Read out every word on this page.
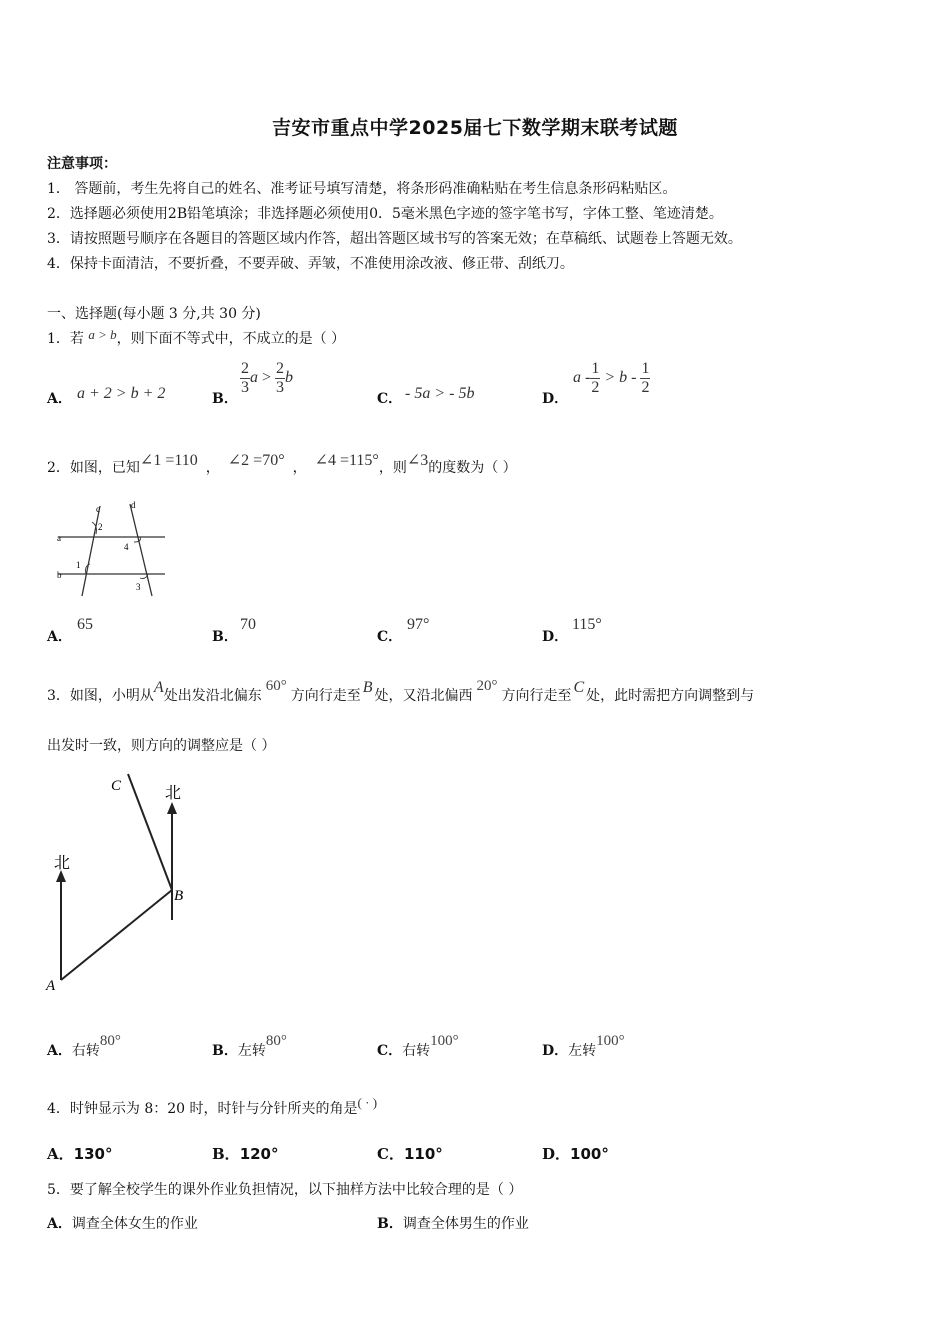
吉安市重点中学2025届七下数学期末联考试题
注意事项：
1． 答题前，考生先将自己的姓名、准考证号填写清楚，将条形码准确粘贴在考生信息条形码粘贴区。
2．选择题必须使用2B铅笔填涂；非选择题必须使用0．5毫米黑色字迹的签字笔书写，字体工整、笔迹清楚。
3．请按照题号顺序在各题目的答题区域内作答，超出答题区域书写的答案无效；在草稿纸、试题卷上答题无效。
4．保持卡面清洁，不要折叠，不要弄破、弄皱，不准使用涂改液、修正带、刮纸刀。
一、选择题(每小题 3 分,共 30 分)
1．若 a > b，则下面不等式中，不成立的是（ ）
A． a + 2 > b + 2	B．
$\frac{2}{3}$ $a > \frac{2}{3}$ b
C． - 5a > - 5b	D．
$a - \frac{1}{2} > b - \frac{1}{2}$
2．如图，已知∠1 =110 ， ∠2 =70° ， ∠4 =115°，则∠3的度数为（ ）
c	d
a
b
1
2
3
4
A．
65
B．
70
C．
97°
D．
115°
3．如图，小明从A处出发沿北偏东60°方向行走至 B 处，又沿北偏西20°方向行走至 C 处，此时需把方向调整到与
出发时一致，则方向的调整应是（ ）
北
北
A
B
C
A．右转80°
B．左转80°
C．右转100°
D．左转100°
4．时钟显示为 8：20 时，时针与分针所夹的角是( · )
A．130°	B．120°	C．110°	D．100°
5．要了解全校学生的课外作业负担情况，以下抽样方法中比较合理的是（ ）
A．调查全体女生的作业	B．调查全体男生的作业
